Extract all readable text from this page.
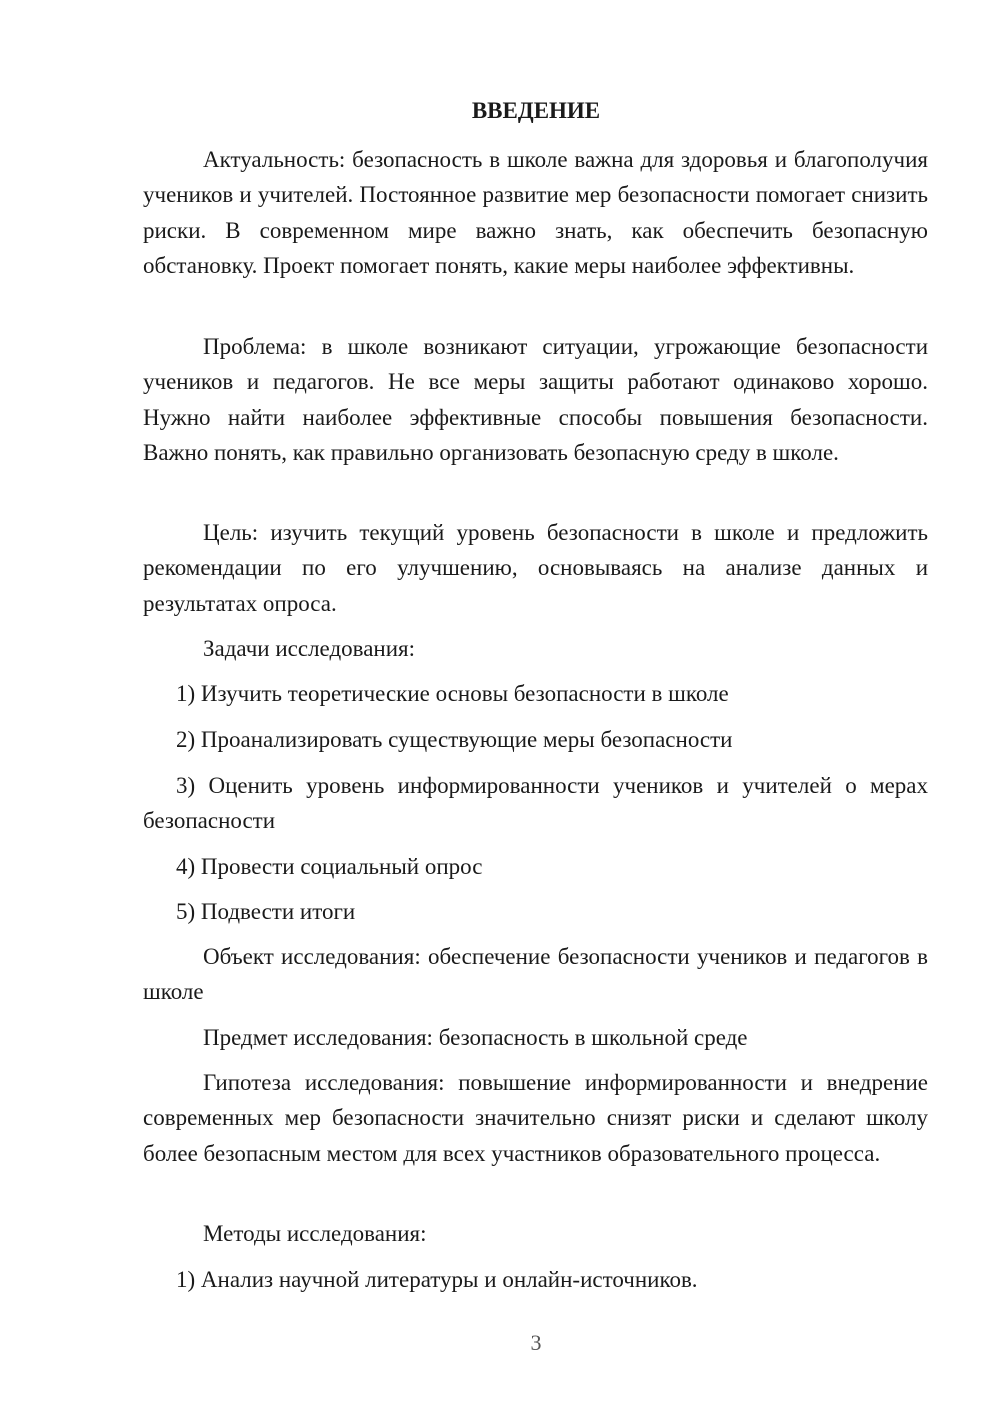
ВВЕДЕНИЕ

Актуальность: безопасность в школе важна для здоровья и благополучия учеников и учителей. Постоянное развитие мер безопасности помогает снизить риски. В современном мире важно знать, как обеспечить безопасную обстановку. Проект помогает понять, какие меры наиболее эффективны.

Проблема: в школе возникают ситуации, угрожающие безопасности учеников и педагогов. Не все меры защиты работают одинаково хорошо. Нужно найти наиболее эффективные способы повышения безопасности. Важно понять, как правильно организовать безопасную среду в школе.

Цель: изучить текущий уровень безопасности в школе и предложить рекомендации по его улучшению, основываясь на анализе данных и результатах опроса.

Задачи исследования:

1) Изучить теоретические основы безопасности в школе

2) Проанализировать существующие меры безопасности

3) Оценить уровень информированности учеников и учителей о мерах безопасности

4) Провести социальный опрос

5) Подвести итоги

Объект исследования: обеспечение безопасности учеников и педагогов в школе

Предмет исследования: безопасность в школьной среде

Гипотеза исследования: повышение информированности и внедрение современных мер безопасности значительно снизят риски и сделают школу более безопасным местом для всех участников образовательного процесса.

Методы исследования:

1) Анализ научной литературы и онлайн-источников.

3
